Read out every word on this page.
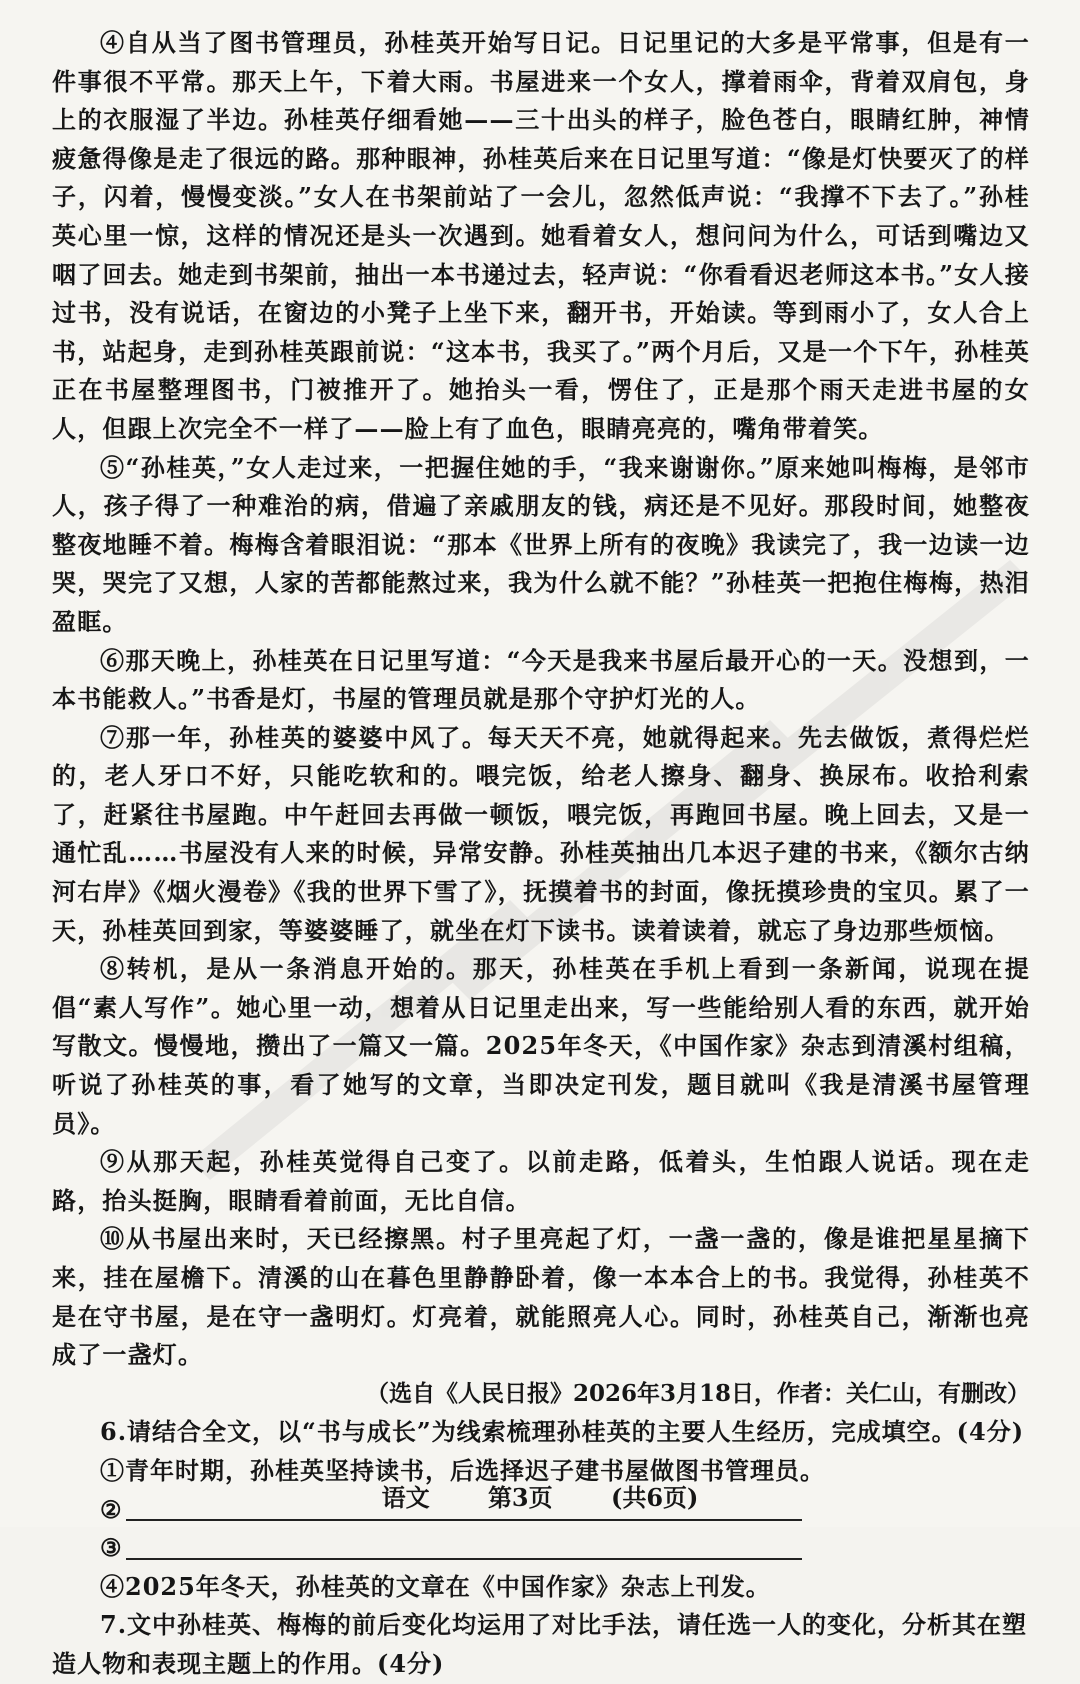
④自从当了图书管理员，孙桂英开始写日记。日记里记的大多是平常事，但是有一件事很不平常。那天上午，下着大雨。书屋进来一个女人，撑着雨伞，背着双肩包，身上的衣服湿了半边。孙桂英仔细看她——三十出头的样子，脸色苍白，眼睛红肿，神情疲惫得像是走了很远的路。那种眼神，孙桂英后来在日记里写道：“像是灯快要灭了的样子，闪着，慢慢变淡。”女人在书架前站了一会儿，忽然低声说：“我撑不下去了。”孙桂英心里一惊，这样的情况还是头一次遇到。她看着女人，想问问为什么，可话到嘴边又咽了回去。她走到书架前，抽出一本书递过去，轻声说：“你看看迟老师这本书。”女人接过书，没有说话，在窗边的小凳子上坐下来，翻开书，开始读。等到雨小了，女人合上书，站起身，走到孙桂英跟前说：“这本书，我买了。”两个月后，又是一个下午，孙桂英正在书屋整理图书，门被推开了。她抬头一看，愣住了，正是那个雨天走进书屋的女人，但跟上次完全不一样了——脸上有了血色，眼睛亮亮的，嘴角带着笑。

⑤“孙桂英，”女人走过来，一把握住她的手，“我来谢谢你。”原来她叫梅梅，是邻市人，孩子得了一种难治的病，借遍了亲戚朋友的钱，病还是不见好。那段时间，她整夜整夜地睡不着。梅梅含着眼泪说：“那本《世界上所有的夜晚》我读完了，我一边读一边哭，哭完了又想，人家的苦都能熬过来，我为什么就不能？”孙桂英一把抱住梅梅，热泪盈眶。

⑥那天晚上，孙桂英在日记里写道：“今天是我来书屋后最开心的一天。没想到，一本书能救人。”书香是灯，书屋的管理员就是那个守护灯光的人。

⑦那一年，孙桂英的婆婆中风了。每天天不亮，她就得起来。先去做饭，煮得烂烂的，老人牙口不好，只能吃软和的。喂完饭，给老人擦身、翻身、换尿布。收拾利索了，赶紧往书屋跑。中午赶回去再做一顿饭，喂完饭，再跑回书屋。晚上回去，又是一通忙乱……书屋没有人来的时候，异常安静。孙桂英抽出几本迟子建的书来，《额尔古纳河右岸》《烟火漫卷》《我的世界下雪了》，抚摸着书的封面，像抚摸珍贵的宝贝。累了一天，孙桂英回到家，等婆婆睡了，就坐在灯下读书。读着读着，就忘了身边那些烦恼。

⑧转机，是从一条消息开始的。那天，孙桂英在手机上看到一条新闻，说现在提倡“素人写作”。她心里一动，想着从日记里走出来，写一些能给别人看的东西，就开始写散文。慢慢地，攒出了一篇又一篇。2025年冬天，《中国作家》杂志到清溪村组稿，听说了孙桂英的事，看了她写的文章，当即决定刊发，题目就叫《我是清溪书屋管理员》。

⑨从那天起，孙桂英觉得自己变了。以前走路，低着头，生怕跟人说话。现在走路，抬头挺胸，眼睛看着前面，无比自信。

⑩从书屋出来时，天已经擦黑。村子里亮起了灯，一盏一盏的，像是谁把星星摘下来，挂在屋檐下。清溪的山在暮色里静静卧着，像一本本合上的书。我觉得，孙桂英不是在守书屋，是在守一盏明灯。灯亮着，就能照亮人心。同时，孙桂英自己，渐渐也亮成了一盏灯。

（选自《人民日报》2026年3月18日，作者：关仁山，有删改）

6.请结合全文，以“书与成长”为线索梳理孙桂英的主要人生经历，完成填空。(4分)

①青年时期，孙桂英坚持读书，后选择迟子建书屋做图书管理员。

②
③

④2025年冬天，孙桂英的文章在《中国作家》杂志上刊发。

7.文中孙桂英、梅梅的前后变化均运用了对比手法，请任选一人的变化，分析其在塑造人物和表现主题上的作用。(4分)

语文 第3页 (共6页)
